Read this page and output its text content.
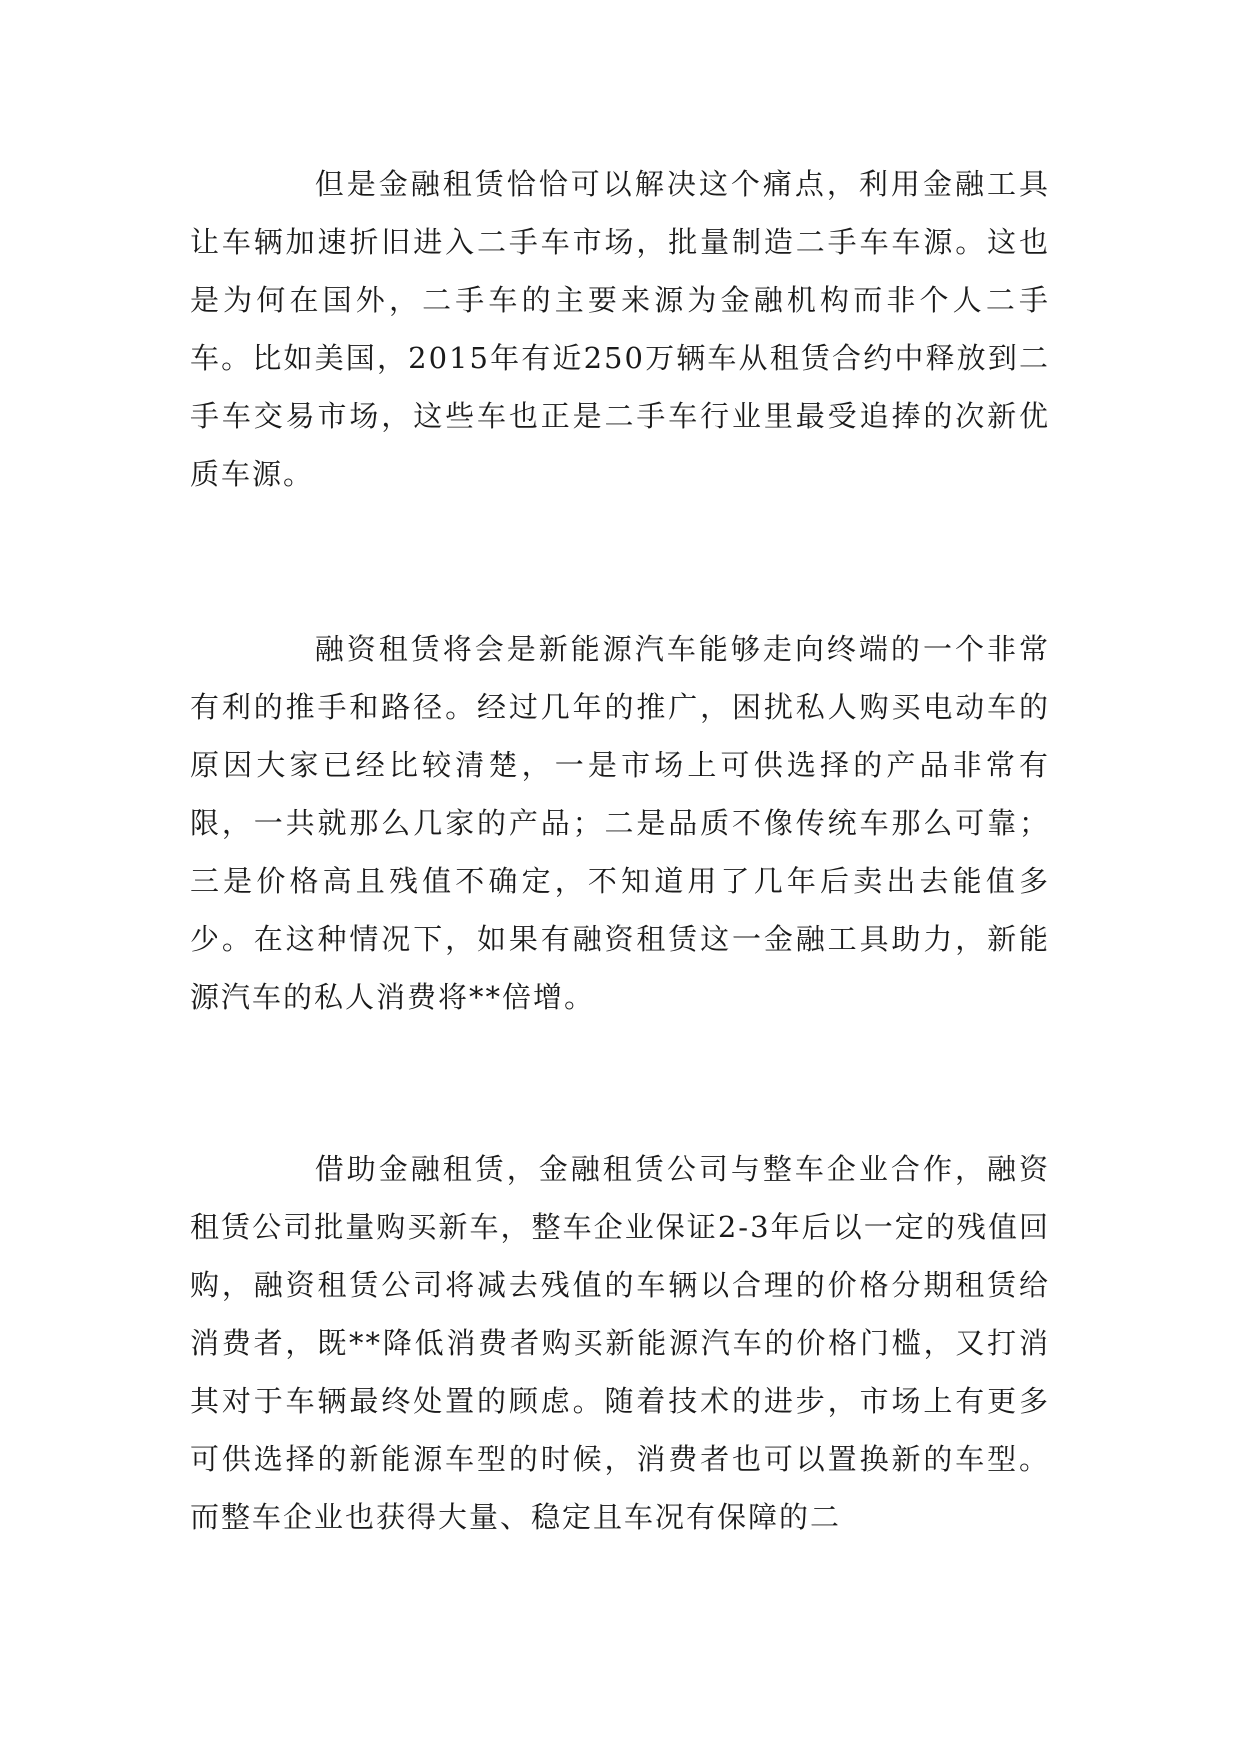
但是金融租赁恰恰可以解决这个痛点，利用金融工具让车辆加速折旧进入二手车市场，批量制造二手车车源。这也是为何在国外，二手车的主要来源为金融机构而非个人二手车。比如美国，2015年有近250万辆车从租赁合约中释放到二手车交易市场，这些车也正是二手车行业里最受追捧的次新优质车源。

融资租赁将会是新能源汽车能够走向终端的一个非常有利的推手和路径。经过几年的推广，困扰私人购买电动车的原因大家已经比较清楚，一是市场上可供选择的产品非常有限，一共就那么几家的产品；二是品质不像传统车那么可靠；三是价格高且残值不确定，不知道用了几年后卖出去能值多少。在这种情况下，如果有融资租赁这一金融工具助力，新能源汽车的私人消费将**倍增。

借助金融租赁，金融租赁公司与整车企业合作，融资租赁公司批量购买新车，整车企业保证2-3年后以一定的残值回购，融资租赁公司将减去残值的车辆以合理的价格分期租赁给消费者，既**降低消费者购买新能源汽车的价格门槛，又打消其对于车辆最终处置的顾虑。随着技术的进步，市场上有更多可供选择的新能源车型的时候，消费者也可以置换新的车型。而整车企业也获得大量、稳定且车况有保障的二
